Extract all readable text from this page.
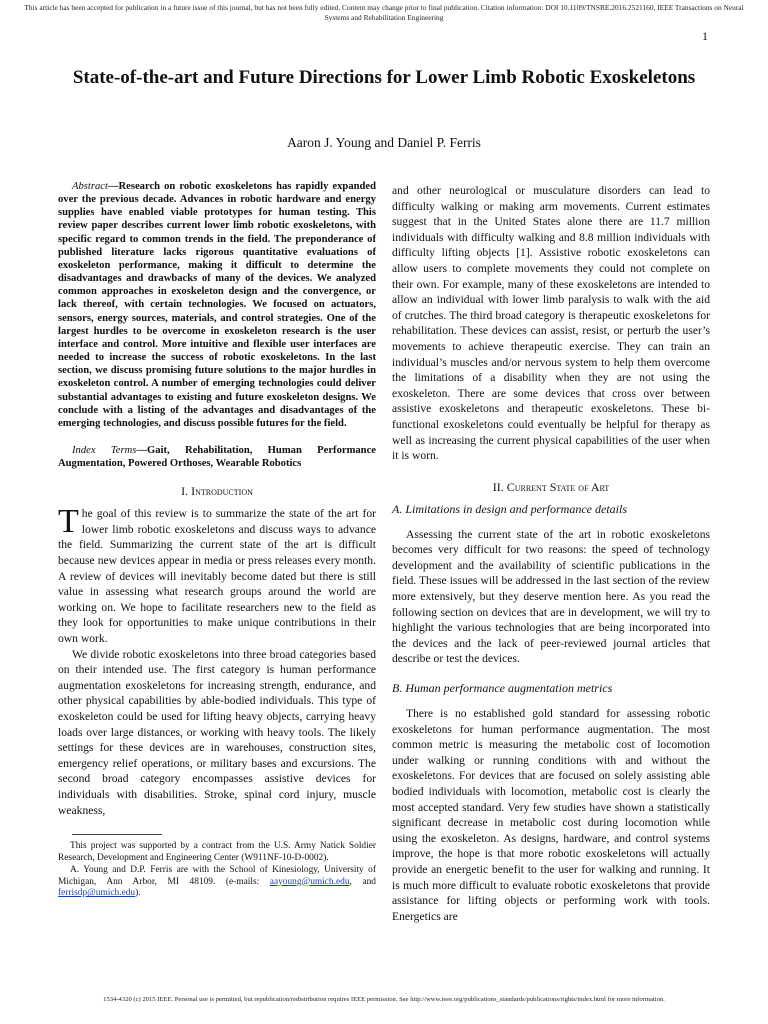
This article has been accepted for publication in a future issue of this journal, but has not been fully edited. Content may change prior to final publication. Citation information: DOI 10.1109/TNSRE.2016.2521160, IEEE Transactions on Neural Systems and Rehabilitation Engineering
1
State-of-the-art and Future Directions for Lower Limb Robotic Exoskeletons
Aaron J. Young and Daniel P. Ferris

Abstract—Research on robotic exoskeletons has rapidly expanded over the previous decade. Advances in robotic hardware and energy supplies have enabled viable prototypes for human testing. This review paper describes current lower limb robotic exoskeletons, with specific regard to common trends in the field. The preponderance of published literature lacks rigorous quantitative evaluations of exoskeleton performance, making it difficult to determine the disadvantages and drawbacks of many of the devices. We analyzed common approaches in exoskeleton design and the convergence, or lack thereof, with certain technologies. We focused on actuators, sensors, energy sources, materials, and control strategies. One of the largest hurdles to be overcome in exoskeleton research is the user interface and control. More intuitive and flexible user interfaces are needed to increase the success of robotic exoskeletons. In the last section, we discuss promising future solutions to the major hurdles in exoskeleton control. A number of emerging technologies could deliver substantial advantages to existing and future exoskeleton designs. We conclude with a listing of the advantages and disadvantages of the emerging technologies, and discuss possible futures for the field.

Index Terms—Gait, Rehabilitation, Human Performance Augmentation, Powered Orthoses, Wearable Robotics

I. Introduction

The goal of this review is to summarize the state of the art for lower limb robotic exoskeletons and discuss ways to advance the field. Summarizing the current state of the art is difficult because new devices appear in media or press releases every month. A review of devices will inevitably become dated but there is still value in assessing what research groups around the world are working on. We hope to facilitate researchers new to the field as they look for opportunities to make unique contributions in their own work.

We divide robotic exoskeletons into three broad categories based on their intended use. The first category is human performance augmentation exoskeletons for increasing strength, endurance, and other physical capabilities by able-bodied individuals. This type of exoskeleton could be used for lifting heavy objects, carrying heavy loads over large distances, or working with heavy tools. The likely settings for these devices are in warehouses, construction sites, emergency relief operations, or military bases and excursions. The second broad category encompasses assistive devices for individuals with disabilities. Stroke, spinal cord injury, muscle weakness,

This project was supported by a contract from the U.S. Army Natick Soldier Research, Development and Engineering Center (W911NF-10-D-0002).

A. Young and D.P. Ferris are with the School of Kinesiology, University of Michigan, Ann Arbor, MI 48109. (e-mails: aayoung@umich.edu, and ferrisdp@umich.edu).

and other neurological or musculature disorders can lead to difficulty walking or making arm movements. Current estimates suggest that in the United States alone there are 11.7 million individuals with difficulty walking and 8.8 million individuals with difficulty lifting objects [1]. Assistive robotic exoskeletons can allow users to complete movements they could not complete on their own. For example, many of these exoskeletons are intended to allow an individual with lower limb paralysis to walk with the aid of crutches. The third broad category is therapeutic exoskeletons for rehabilitation. These devices can assist, resist, or perturb the user’s movements to achieve therapeutic exercise. They can train an individual’s muscles and/or nervous system to help them overcome the limitations of a disability when they are not using the exoskeleton. There are some devices that cross over between assistive exoskeletons and therapeutic exoskeletons. These bi-functional exoskeletons could eventually be helpful for therapy as well as increasing the current physical capabilities of the user when it is worn.

II. Current State of Art
A. Limitations in design and performance details

Assessing the current state of the art in robotic exoskeletons becomes very difficult for two reasons: the speed of technology development and the availability of scientific publications in the field. These issues will be addressed in the last section of the review more extensively, but they deserve mention here. As you read the following section on devices that are in development, we will try to highlight the various technologies that are being incorporated into the devices and the lack of peer-reviewed journal articles that describe or test the devices.

B. Human performance augmentation metrics

There is no established gold standard for assessing robotic exoskeletons for human performance augmentation. The most common metric is measuring the metabolic cost of locomotion under walking or running conditions with and without the exoskeletons. For devices that are focused on solely assisting able bodied individuals with locomotion, metabolic cost is clearly the most accepted standard. Very few studies have shown a statistically significant decrease in metabolic cost during locomotion while using the exoskeleton. As designs, hardware, and control systems improve, the hope is that more robotic exoskeletons will actually provide an energetic benefit to the user for walking and running. It is much more difficult to evaluate robotic exoskeletons that provide assistance for lifting objects or performing work with tools. Energetics are

1534-4320 (c) 2015 IEEE. Personal use is permitted, but republication/redistribution requires IEEE permission. See http://www.ieee.org/publications_standards/publications/rights/index.html for more information.
